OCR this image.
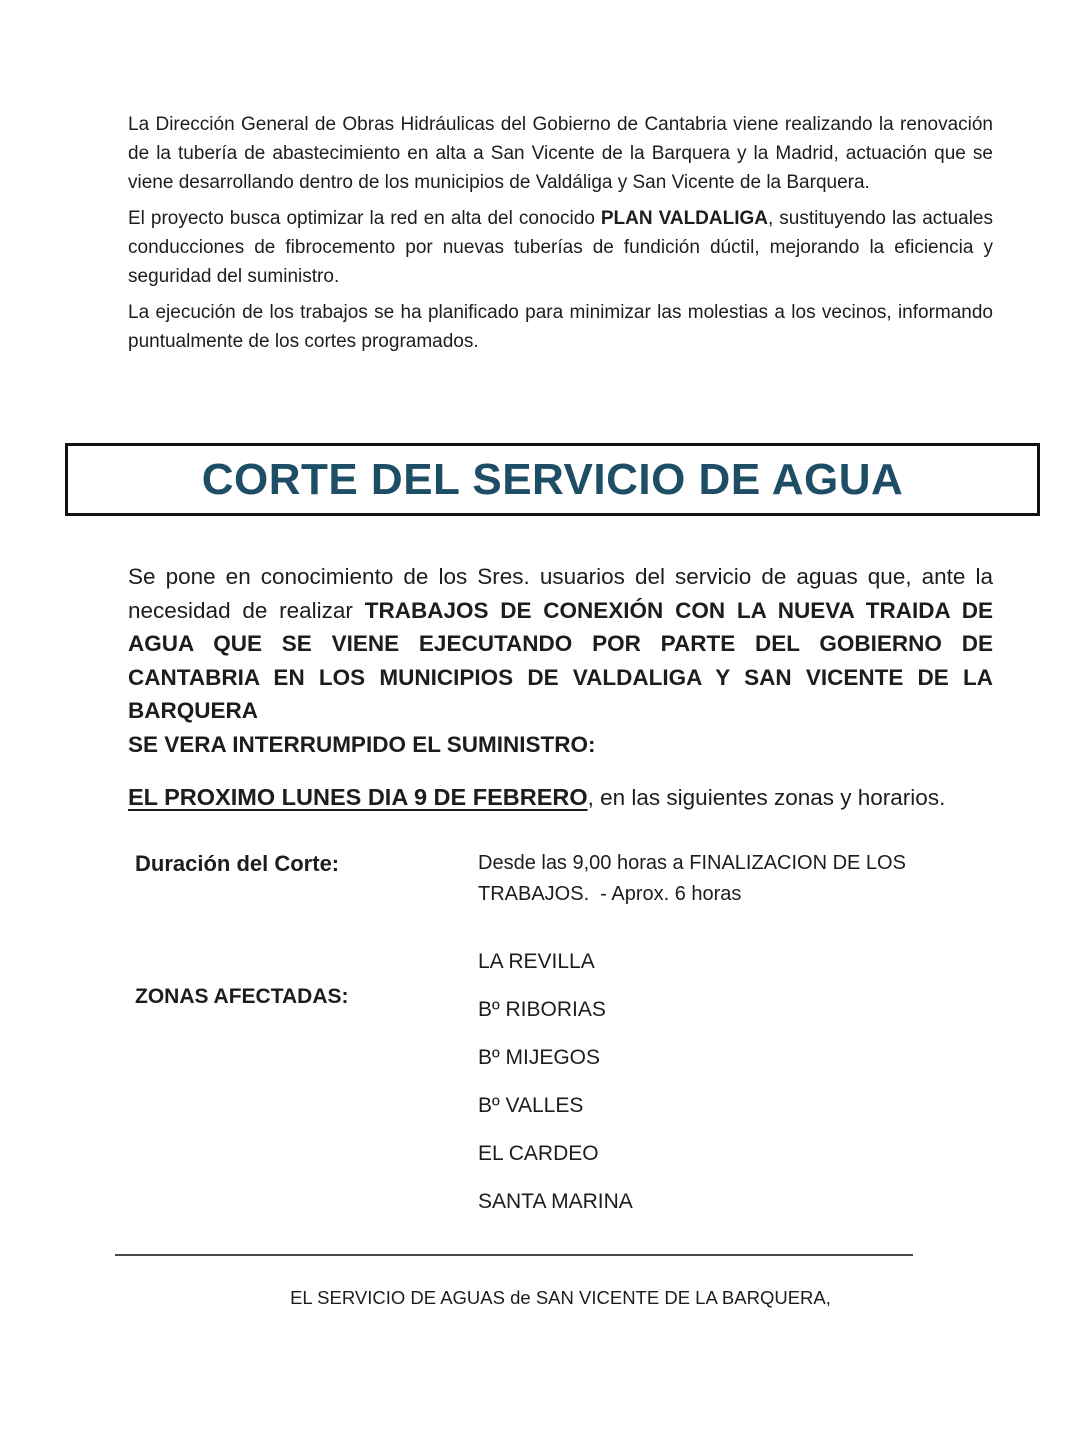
La Dirección General de Obras Hidráulicas del Gobierno de Cantabria viene realizando la renovación de la tubería de abastecimiento en alta a San Vicente de la Barquera y la Madrid, actuación que se viene desarrollando dentro de los municipios de Valdáliga y San Vicente de la Barquera.

El proyecto busca optimizar la red en alta del conocido PLAN VALDALIGA, sustituyendo las actuales conducciones de fibrocemento por nuevas tuberías de fundición dúctil, mejorando la eficiencia y seguridad del suministro.

La ejecución de los trabajos se ha planificado para minimizar las molestias a los vecinos, informando puntualmente de los cortes programados.

CORTE DEL SERVICIO DE AGUA

Se pone en conocimiento de los Sres. usuarios del servicio de aguas que, ante la necesidad de realizar TRABAJOS DE CONEXIÓN CON LA NUEVA TRAIDA DE AGUA QUE SE VIENE EJECUTANDO POR PARTE DEL GOBIERNO DE CANTABRIA EN LOS MUNICIPIOS DE VALDALIGA Y SAN VICENTE DE LA BARQUERA
SE VERA INTERRUMPIDO EL SUMINISTRO:

EL PROXIMO LUNES DIA 9 DE FEBRERO, en las siguientes zonas y horarios.

Duración del Corte:	Desde las 9,00 horas a FINALIZACION DE LOS TRABAJOS.  - Aprox. 6 horas
ZONAS AFECTADAS:
LA REVILLA
Bº RIBORIAS
Bº MIJEGOS
Bº VALLES
EL CARDEO
SANTA MARINA
EL SERVICIO DE AGUAS de SAN VICENTE DE LA BARQUERA,
